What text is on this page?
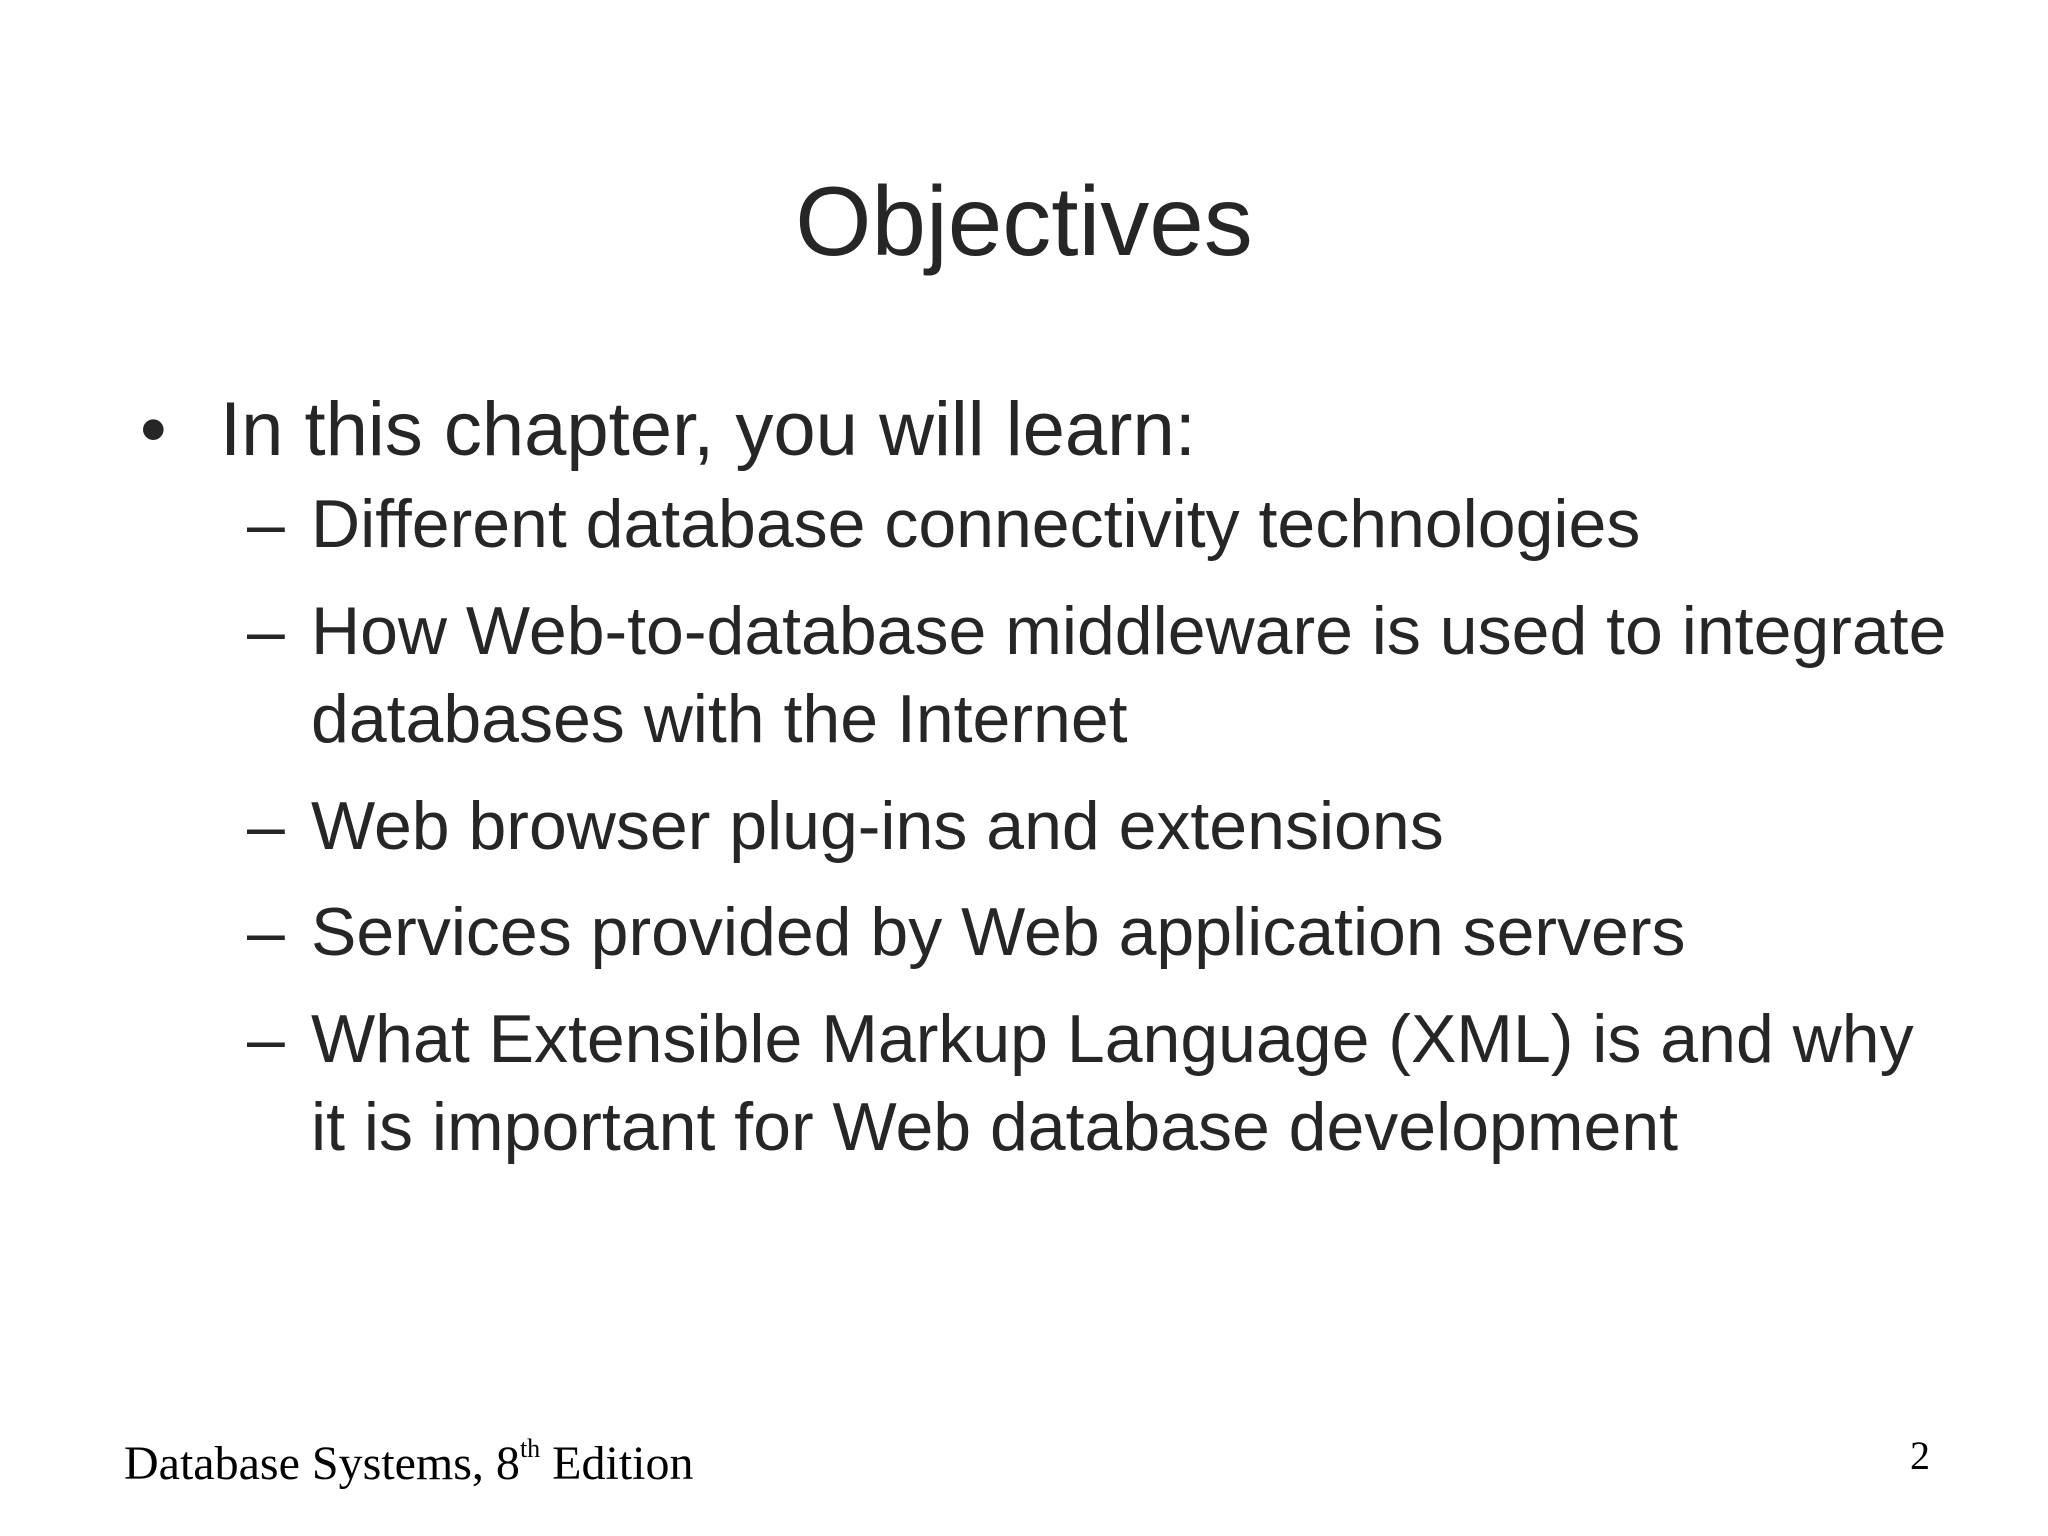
Objectives
• In this chapter, you will learn:
– Different database connectivity technologies
– How Web-to-database middleware is used to integrate databases with the Internet
– Web browser plug-ins and extensions
– Services provided by Web application servers
– What Extensible Markup Language (XML) is and why it is important for Web database development
Database Systems, 8th Edition	2
